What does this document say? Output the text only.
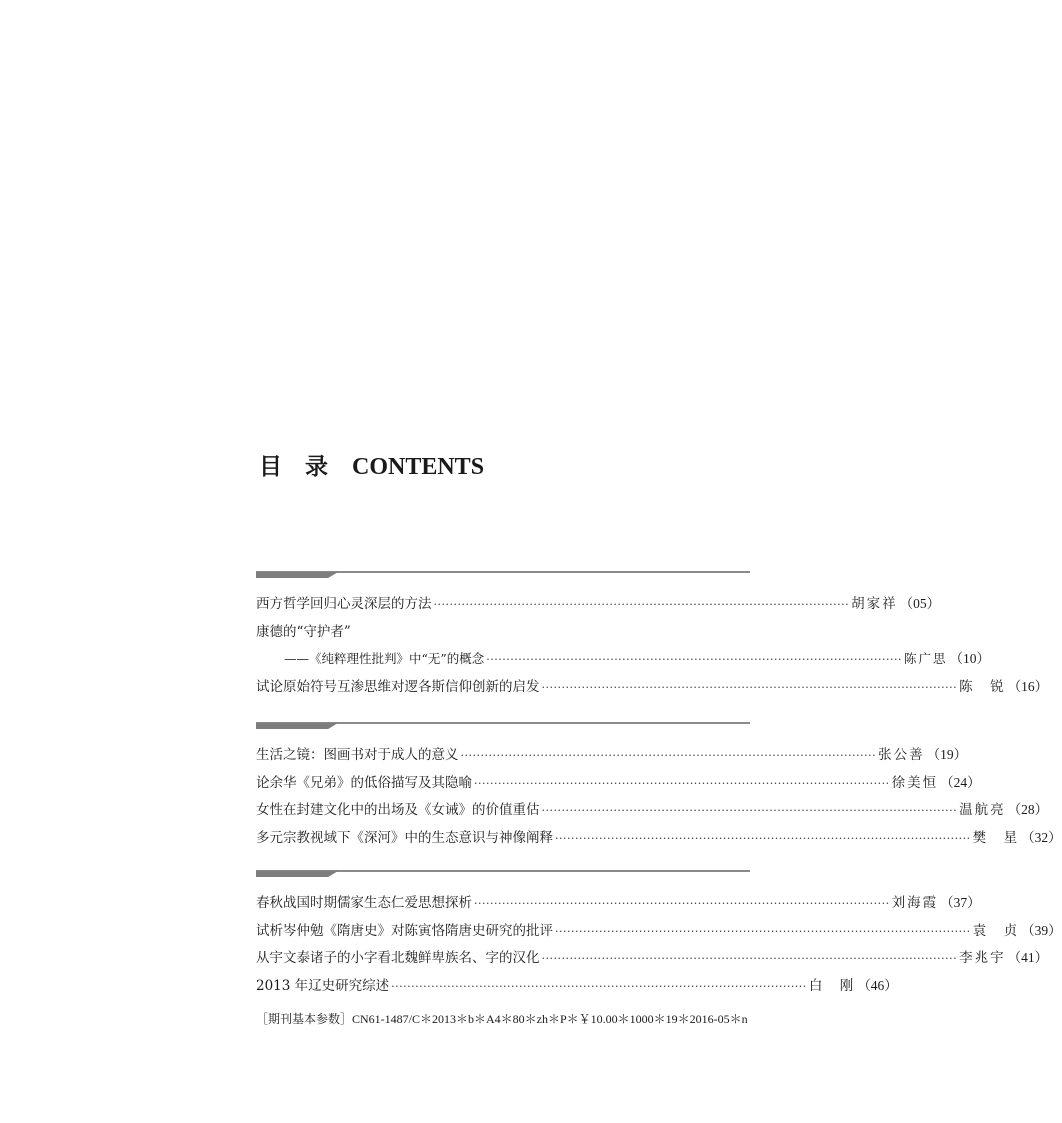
目　录 CONTENTS
西方哲学回归心灵深层的方法 ········································································································ 胡家祥 （05）
康德的“守护者”
——《纯粹理性批判》中“无”的概念 ········································································································ 陈广思 （10）
试论原始符号互渗思维对逻各斯信仰创新的启发 ········································································································ 陈　锐 （16）
生活之镜：图画书对于成人的意义 ········································································································ 张公善 （19）
论余华《兄弟》的低俗描写及其隐喻 ········································································································ 徐美恒 （24）
女性在封建文化中的出场及《女诫》的价值重估 ········································································································ 温航亮 （28）
多元宗教视域下《深河》中的生态意识与神像阐释 ········································································································ 樊　星 （32）
春秋战国时期儒家生态仁爱思想探析 ········································································································ 刘海霞 （37）
试析岑仲勉《隋唐史》对陈寅恪隋唐史研究的批评 ········································································································ 袁　贞 （39）
从宇文泰诸子的小字看北魏鲜卑族名、字的汉化 ········································································································ 李兆宇 （41）
2013 年辽史研究综述 ········································································································ 白　刚 （46）
［期刊基本参数］CN61-1487/C＊2013＊b＊A4＊80＊zh＊P＊￥10.00＊1000＊19＊2016-05＊n
